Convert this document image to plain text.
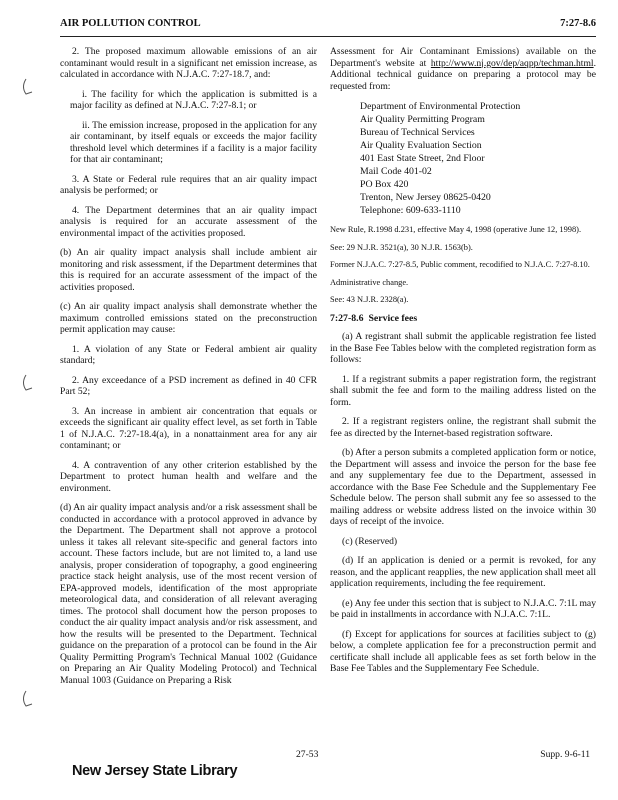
AIR POLLUTION CONTROL	7:27-8.6

2. The proposed maximum allowable emissions of an air contaminant would result in a significant net emission increase, as calculated in accordance with N.J.A.C. 7:27-18.7, and:

i. The facility for which the application is submitted is a major facility as defined at N.J.A.C. 7:27-8.1; or

ii. The emission increase, proposed in the application for any air contaminant, by itself equals or exceeds the major facility threshold level which determines if a facility is a major facility for that air contaminant;

3. A State or Federal rule requires that an air quality impact analysis be performed; or

4. The Department determines that an air quality impact analysis is required for an accurate assessment of the environmental impact of the activities proposed.

(b) An air quality impact analysis shall include ambient air monitoring and risk assessment, if the Department determines that this is required for an accurate assessment of the impact of the activities proposed.

(c) An air quality impact analysis shall demonstrate whether the maximum controlled emissions stated on the preconstruction permit application may cause:

1. A violation of any State or Federal ambient air quality standard;

2. Any exceedance of a PSD increment as defined in 40 CFR Part 52;

3. An increase in ambient air concentration that equals or exceeds the significant air quality effect level, as set forth in Table 1 of N.J.A.C. 7:27-18.4(a), in a nonattainment area for any air contaminant; or

4. A contravention of any other criterion established by the Department to protect human health and welfare and the environment.

(d) An air quality impact analysis and/or a risk assessment shall be conducted in accordance with a protocol approved in advance by the Department. The Department shall not approve a protocol unless it takes all relevant site-specific and general factors into account. These factors include, but are not limited to, a land use analysis, proper consideration of topography, a good engineering practice stack height analysis, use of the most recent version of EPA-approved models, identification of the most appropriate meteorological data, and consideration of all relevant averaging times. The protocol shall document how the person proposes to conduct the air quality impact analysis and/or risk assessment, and how the results will be presented to the Department. Technical guidance on the preparation of a protocol can be found in the Air Quality Permitting Program's Technical Manual 1002 (Guidance on Preparing an Air Quality Modeling Protocol) and Technical Manual 1003 (Guidance on Preparing a Risk

Assessment for Air Contaminant Emissions) available on the Department's website at http://www.nj.gov/dep/aqpp/techman.html. Additional technical guidance on preparing a protocol may be requested from:

Department of Environmental Protection
Air Quality Permitting Program
Bureau of Technical Services
Air Quality Evaluation Section
401 East State Street, 2nd Floor
Mail Code 401-02
PO Box 420
Trenton, New Jersey 08625-0420
Telephone: 609-633-1110

New Rule, R.1998 d.231, effective May 4, 1998 (operative June 12, 1998).

See: 29 N.J.R. 3521(a), 30 N.J.R. 1563(b).

Former N.J.A.C. 7:27-8.5, Public comment, recodified to N.J.A.C. 7:27-8.10.

Administrative change.

See: 43 N.J.R. 2328(a).

7:27-8.6 Service fees

(a) A registrant shall submit the applicable registration fee listed in the Base Fee Tables below with the completed registration form as follows:

1. If a registrant submits a paper registration form, the registrant shall submit the fee and form to the mailing address listed on the form.

2. If a registrant registers online, the registrant shall submit the fee as directed by the Internet-based registration software.

(b) After a person submits a completed application form or notice, the Department will assess and invoice the person for the base fee and any supplementary fee due to the Department, assessed in accordance with the Base Fee Schedule and the Supplementary Fee Schedule below. The person shall submit any fee so assessed to the mailing address or website address listed on the invoice within 30 days of receipt of the invoice.

(c) (Reserved)

(d) If an application is denied or a permit is revoked, for any reason, and the applicant reapplies, the new application shall meet all application requirements, including the fee requirement.

(e) Any fee under this section that is subject to N.J.A.C. 7:1L may be paid in installments in accordance with N.J.A.C. 7:1L.

(f) Except for applications for sources at facilities subject to (g) below, a complete application fee for a preconstruction permit and certificate shall include all applicable fees as set forth below in the Base Fee Tables and the Supplementary Fee Schedule.

27-53	Supp. 9-6-11
New Jersey State Library
